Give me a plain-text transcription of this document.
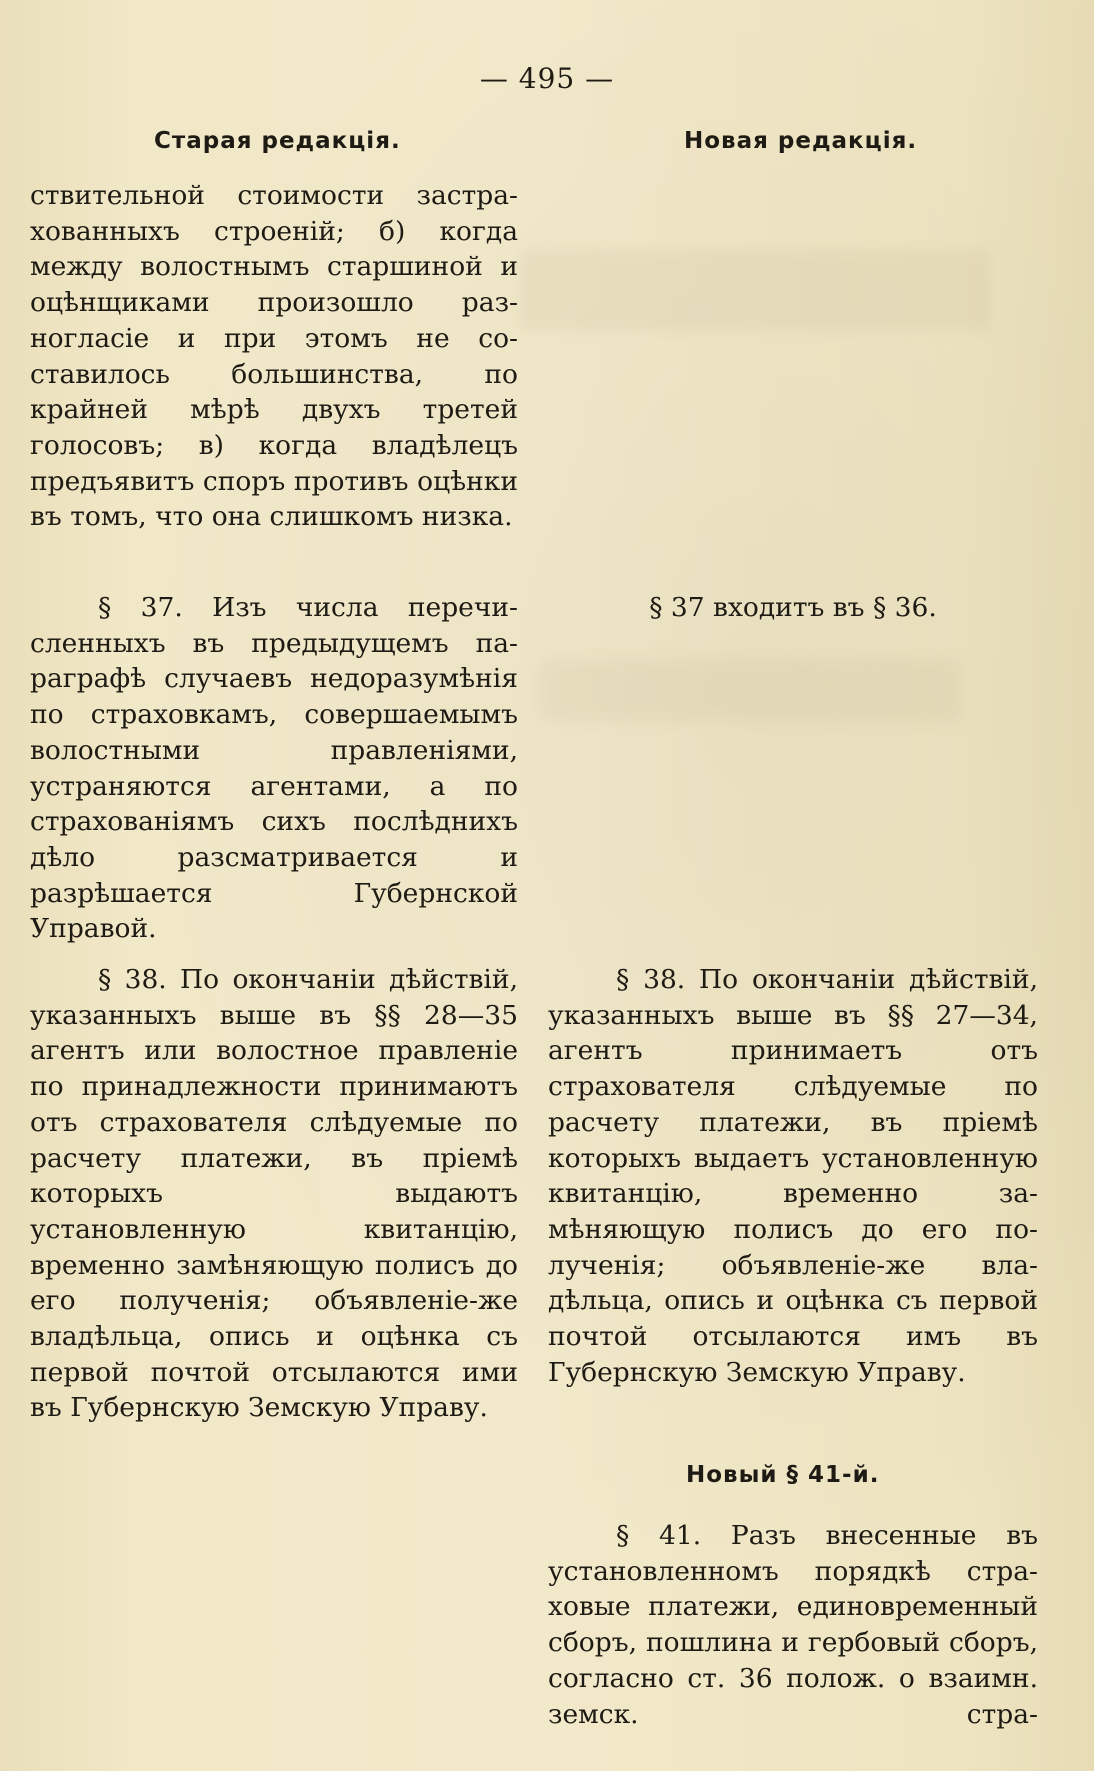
— 495 —
Старая редакція.
ствительной стоимости застрахованныхъ строеній; б) когда между волостнымъ старшиной и оцѣнщиками произошло разногласіе и при этомъ не составилось большинства, по крайней мѣрѣ двухъ третей голосовъ; в) когда владѣлецъ предъявитъ споръ противъ оцѣнки въ томъ, что она слишкомъ низка.
§ 37. Изъ числа перечисленныхъ въ предыдущемъ параграфѣ случаевъ недоразумѣнія по страховкамъ, совершаемымъ волостными правленіями, устраняются агентами, а по страхованіямъ сихъ послѣднихъ дѣло разсматривается и разрѣшается Губернской Управой.
§ 38. По окончаніи дѣйствій, указанныхъ выше въ §§ 28—35 агентъ или волостное правленіе по принадлежности принимаютъ отъ страхователя слѣдуемые по расчету платежи, въ пріемѣ которыхъ выдаютъ установленную квитанцію, временно замѣняющую полисъ до его полученія; объявленіе-же владѣльца, опись и оцѣнка съ первой почтой отсылаются ими въ Губернскую Земскую Управу.
Новая редакція.
§ 37 входитъ въ § 36.
§ 38. По окончаніи дѣйствій, указанныхъ выше въ §§ 27—34, агентъ принимаетъ отъ страхователя слѣдуемые по расчету платежи, въ пріемѣ которыхъ выдаетъ установленную квитанцію, временно замѣняющую полисъ до его полученія; объявленіе-же владѣльца, опись и оцѣнка съ первой почтой отсылаются имъ въ Губернскую Земскую Управу.
Новый § 41-й.
§ 41. Разъ внесенные въ установленномъ порядкѣ страховые платежи, единовременный сборъ, пошлина и гербовый сборъ, согласно ст. 36 полож. о взаимн. земск. стра-
